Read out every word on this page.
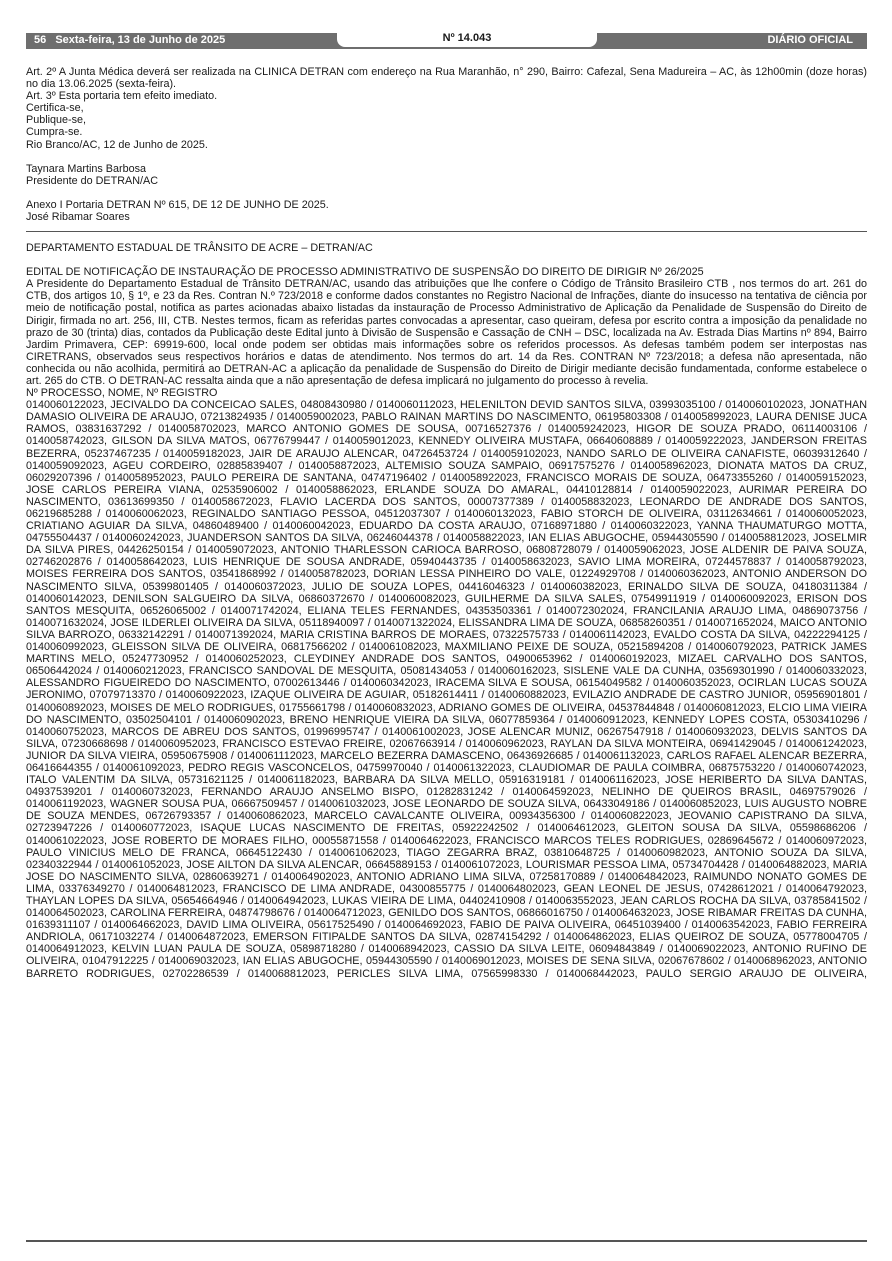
56 Sexta-feira, 13 de Junho de 2025	Nº 14.043	DIÁRIO OFICIAL

Art. 2º A Junta Médica deverá ser realizada na CLINICA DETRAN com endereço na Rua Maranhão, n° 290, Bairro: Cafezal, Sena Madureira – AC, às 12h00min (doze horas) no dia 13.06.2025 (sexta-feira).

Art. 3º Esta portaria tem efeito imediato.

Certifica-se,

Publique-se,

Cumpra-se.

Rio Branco/AC, 12 de Junho de 2025.

Taynara Martins Barbosa

Presidente do DETRAN/AC

Anexo I Portaria DETRAN Nº 615, DE 12 DE JUNHO DE 2025.

José Ribamar Soares

DEPARTAMENTO ESTADUAL DE TRÂNSITO DE ACRE – DETRAN/AC

EDITAL DE NOTIFICAÇÃO DE INSTAURAÇÃO DE PROCESSO ADMINISTRATIVO DE SUSPENSÃO DO DIREITO DE DIRIGIR Nº 26/2025

A Presidente do Departamento Estadual de Trânsito DETRAN/AC, usando das atribuições que lhe confere o Código de Trânsito Brasileiro CTB , nos termos do art. 261 do CTB, dos artigos 10, § 1º, e 23 da Res. Contran N.º 723/2018 e conforme dados constantes no Registro Nacional de Infrações, diante do insucesso na tentativa de ciência por meio de notificação postal, notifica as partes acionadas abaixo listadas da instauração de Processo Administrativo de Aplicação da Penalidade de Suspensão do Direito de Dirigir, firmada no art. 256, III, CTB. Nestes termos, ficam as referidas partes convocadas a apresentar, caso queiram, defesa por escrito contra a imposição da penalidade no prazo de 30 (trinta) dias, contados da Publicação deste Edital junto à Divisão de Suspensão e Cassação de CNH – DSC, localizada na Av. Estrada Dias Martins nº 894, Bairro Jardim Primavera, CEP: 69919-600, local onde podem ser obtidas mais informações sobre os referidos processos. As defesas também podem ser interpostas nas CIRETRANS, observados seus respectivos horários e datas de atendimento. Nos termos do art. 14 da Res. CONTRAN Nº 723/2018; a defesa não apresentada, não conhecida ou não acolhida, permitirá ao DETRAN-AC a aplicação da penalidade de Suspensão do Direito de Dirigir mediante decisão fundamentada, conforme estabelece o art. 265 do CTB. O DETRAN-AC ressalta ainda que a não apresentação de defesa implicará no julgamento do processo à revelia.

Nº PROCESSO, NOME, Nº REGISTRO

0140060122023, JECIVALDO DA CONCEICAO SALES, 04808430980 / 0140060112023, HELENILTON DEVID SANTOS SILVA, 03993035100 / 0140060102023, JONATHAN DAMASIO OLIVEIRA DE ARAUJO, 07213824935 / 0140059002023, PABLO RAINAN MARTINS DO NASCIMENTO, 06195803308 / 0140058992023, LAURA DENISE JUCA RAMOS, 03831637292 / 0140058702023, MARCO ANTONIO GOMES DE SOUSA, 00716527376 / 0140059242023, HIGOR DE SOUZA PRADO, 06114003106 / 0140058742023, GILSON DA SILVA MATOS, 06776799447 / 0140059012023, KENNEDY OLIVEIRA MUSTAFA, 06640608889 / 0140059222023, JANDERSON FREITAS BEZERRA, 05237467235 / 0140059182023, JAIR DE ARAUJO ALENCAR, 04726453724 / 0140059102023, NANDO SARLO DE OLIVEIRA CANAFISTE, 06039312640 / 0140059092023, AGEU CORDEIRO, 02885839407 / 0140058872023, ALTEMISIO SOUZA SAMPAIO, 06917575276 / 0140058962023, DIONATA MATOS DA CRUZ, 06029207396 / 0140058952023, PAULO PEREIRA DE SANTANA, 04747196402 / 0140058922023, FRANCISCO MORAIS DE SOUZA, 06473355260 / 0140059152023, JOSE CARLOS PEREIRA VIANA, 02535906002 / 0140058862023, ERLANDE SOUZA DO AMARAL, 04410128814 / 0140059022023, AURIMAR PEREIRA DO NASCIMENTO, 03613699350 / 0140058672023, FLAVIO LACERDA DOS SANTOS, 00007377389 / 0140058832023, LEONARDO DE ANDRADE DOS SANTOS, 06219685288 / 0140060062023, REGINALDO SANTIAGO PESSOA, 04512037307 / 0140060132023, FABIO STORCH DE OLIVEIRA, 03112634661 / 0140060052023, CRIATIANO AGUIAR DA SILVA, 04860489400 / 0140060042023, EDUARDO DA COSTA ARAUJO, 07168971880 / 0140060322023, YANNA THAUMATURGO MOTTA, 04755504437 / 0140060242023, JUANDERSON SANTOS DA SILVA, 06246044378 / 0140058822023, IAN ELIAS ABUGOCHE, 05944305590 / 0140058812023, JOSELMIR DA SILVA PIRES, 04426250154 / 0140059072023, ANTONIO THARLESSON CARIOCA BARROSO, 06808728079 / 0140059062023, JOSE ALDENIR DE PAIVA SOUZA, 02746202876 / 0140058642023, LUIS HENRIQUE DE SOUSA ANDRADE, 05940443735 / 0140058632023, SAVIO LIMA MOREIRA, 07244578837 / 0140058792023, MOISES FERREIRA DOS SANTOS, 03541868992 / 0140058782023, DORIAN LESSA PINHEIRO DO VALE, 01224929708 / 0140060362023, ANTONIO ANDERSON DO NASCIMENTO SILVA, 05399801405 / 0140060372023, JULIO DE SOUZA LOPES, 04416046323 / 0140060382023, ERINALDO SILVA DE SOUZA, 04180311384 / 0140060142023, DENILSON SALGUEIRO DA SILVA, 06860372670 / 0140060082023, GUILHERME DA SILVA SALES, 07549911919 / 0140060092023, ERISON DOS SANTOS MESQUITA, 06526065002 / 0140071742024, ELIANA TELES FERNANDES, 04353503361 / 0140072302024, FRANCILANIA ARAUJO LIMA, 04869073756 / 0140071632024, JOSE ILDERLEI OLIVEIRA DA SILVA, 05118940097 / 0140071322024, ELISSANDRA LIMA DE SOUZA, 06858260351 / 0140071652024, MAICO ANTONIO SILVA BARROZO, 06332142291 / 0140071392024, MARIA CRISTINA BARROS DE MORAES, 07322575733 / 0140061142023, EVALDO COSTA DA SILVA, 04222294125 / 0140060992023, GLEISSON SILVA DE OLIVEIRA, 06817566202 / 0140061082023, MAXMILIANO PEIXE DE SOUZA, 05215894208 / 0140060792023, PATRICK JAMES MARTINS MELO, 05247730952 / 0140060252023, CLEYDINEY ANDRADE DOS SANTOS, 04900653962 / 0140060192023, MIZAEL CARVALHO DOS SANTOS, 06506442024 / 0140060212023, FRANCISCO SANDOVAL DE MESQUITA, 05081434053 / 0140060162023, SISLENE VALE DA CUNHA, 03569301990 / 0140060332023, ALESSANDRO FIGUEIREDO DO NASCIMENTO, 07002613446 / 0140060342023, IRACEMA SILVA E SOUSA, 06154049582 / 0140060352023, OCIRLAN LUCAS SOUZA JERONIMO, 07079713370 / 0140060922023, IZAQUE OLIVEIRA DE AGUIAR, 05182614411 / 0140060882023, EVILAZIO ANDRADE DE CASTRO JUNIOR, 05956901801 / 0140060892023, MOISES DE MELO RODRIGUES, 01755661798 / 0140060832023, ADRIANO GOMES DE OLIVEIRA, 04537844848 / 0140060812023, ELCIO LIMA VIEIRA DO NASCIMENTO, 03502504101 / 0140060902023, BRENO HENRIQUE VIEIRA DA SILVA, 06077859364 / 0140060912023, KENNEDY LOPES COSTA, 05303410296 / 0140060752023, MARCOS DE ABREU DOS SANTOS, 01996995747 / 0140061002023, JOSE ALENCAR MUNIZ, 06267547918 / 0140060932023, DELVIS SANTOS DA SILVA, 07230668698 / 0140060952023, FRANCISCO ESTEVAO FREIRE, 02067663914 / 0140060962023, RAYLAN DA SILVA MONTEIRA, 06941429045 / 0140061242023, JUNIOR DA SILVA VIEIRA, 05950675908 / 0140061112023, MARCELO BEZERRA DAMASCENO, 06436926685 / 0140061132023, CARLOS RAFAEL ALENCAR BEZERRA, 06416644355 / 0140061092023, PEDRO REGIS VASCONCELOS, 04759970040 / 0140061322023, CLAUDIOMAR DE PAULA COIMBRA, 06875753220 / 0140060742023, ITALO VALENTIM DA SILVA, 05731621125 / 0140061182023, BARBARA DA SILVA MELLO, 05916319181 / 0140061162023, JOSE HERIBERTO DA SILVA DANTAS, 04937539201 / 0140060732023, FERNANDO ARAUJO ANSELMO BISPO, 01282831242 / 0140064592023, NELINHO DE QUEIROS BRASIL, 04697579026 / 0140061192023, WAGNER SOUSA PUA, 06667509457 / 0140061032023, JOSE LEONARDO DE SOUZA SILVA, 06433049186 / 0140060852023, LUIS AUGUSTO NOBRE DE SOUZA MENDES, 06726793357 / 0140060862023, MARCELO CAVALCANTE OLIVEIRA, 00934356300 / 0140060822023, JEOVANIO CAPISTRANO DA SILVA, 02723947226 / 0140060772023, ISAQUE LUCAS NASCIMENTO DE FREITAS, 05922242502 / 0140064612023, GLEITON SOUSA DA SILVA, 05598686206 / 0140061022023, JOSE ROBERTO DE MORAES FILHO, 00055871558 / 0140064622023, FRANCISCO MARCOS TELES RODRIGUES, 02869645672 / 0140060972023, PAULO VINICIUS MELO DE FRANCA, 06645122430 / 0140061062023, TIAGO ZEGARRA BRAZ, 03810648725 / 0140060982023, ANTONIO SOUZA DA SILVA, 02340322944 / 0140061052023, JOSE AILTON DA SILVA ALENCAR, 06645889153 / 0140061072023, LOURISMAR PESSOA LIMA, 05734704428 / 0140064882023, MARIA JOSE DO NASCIMENTO SILVA, 02860639271 / 0140064902023, ANTONIO ADRIANO LIMA SILVA, 07258170889 / 0140064842023, RAIMUNDO NONATO GOMES DE LIMA, 03376349270 / 0140064812023, FRANCISCO DE LIMA ANDRADE, 04300855775 / 0140064802023, GEAN LEONEL DE JESUS, 07428612021 / 0140064792023, THAYLAN LOPES DA SILVA, 05654664946 / 0140064942023, LUKAS VIEIRA DE LIMA, 04402410908 / 0140063552023, JEAN CARLOS ROCHA DA SILVA, 03785841502 / 0140064502023, CAROLINA FERREIRA, 04874798676 / 0140064712023, GENILDO DOS SANTOS, 06866016750 / 0140064632023, JOSE RIBAMAR FREITAS DA CUNHA, 01639311107 / 0140064662023, DAVID LIMA OLIVEIRA, 05617525490 / 0140064692023, FABIO DE PAIVA OLIVEIRA, 06451039400 / 0140063542023, FABIO FERREIRA ANDRIOLA, 06171032274 / 0140064872023, EMERSON FITIPALDE SANTOS DA SILVA, 02874154292 / 0140064862023, ELIAS QUEIROZ DE SOUZA, 05778004705 / 0140064912023, KELVIN LUAN PAULA DE SOUZA, 05898718280 / 0140068942023, CASSIO DA SILVA LEITE, 06094843849 / 0140069022023, ANTONIO RUFINO DE OLIVEIRA, 01047912225 / 0140069032023, IAN ELIAS ABUGOCHE, 05944305590 / 0140069012023, MOISES DE SENA SILVA, 02067678602 / 0140068962023, ANTONIO BARRETO RODRIGUES, 02702286539 / 0140068812023, PERICLES SILVA LIMA, 07565998330 / 0140068442023, PAULO SERGIO ARAUJO DE OLIVEIRA,
